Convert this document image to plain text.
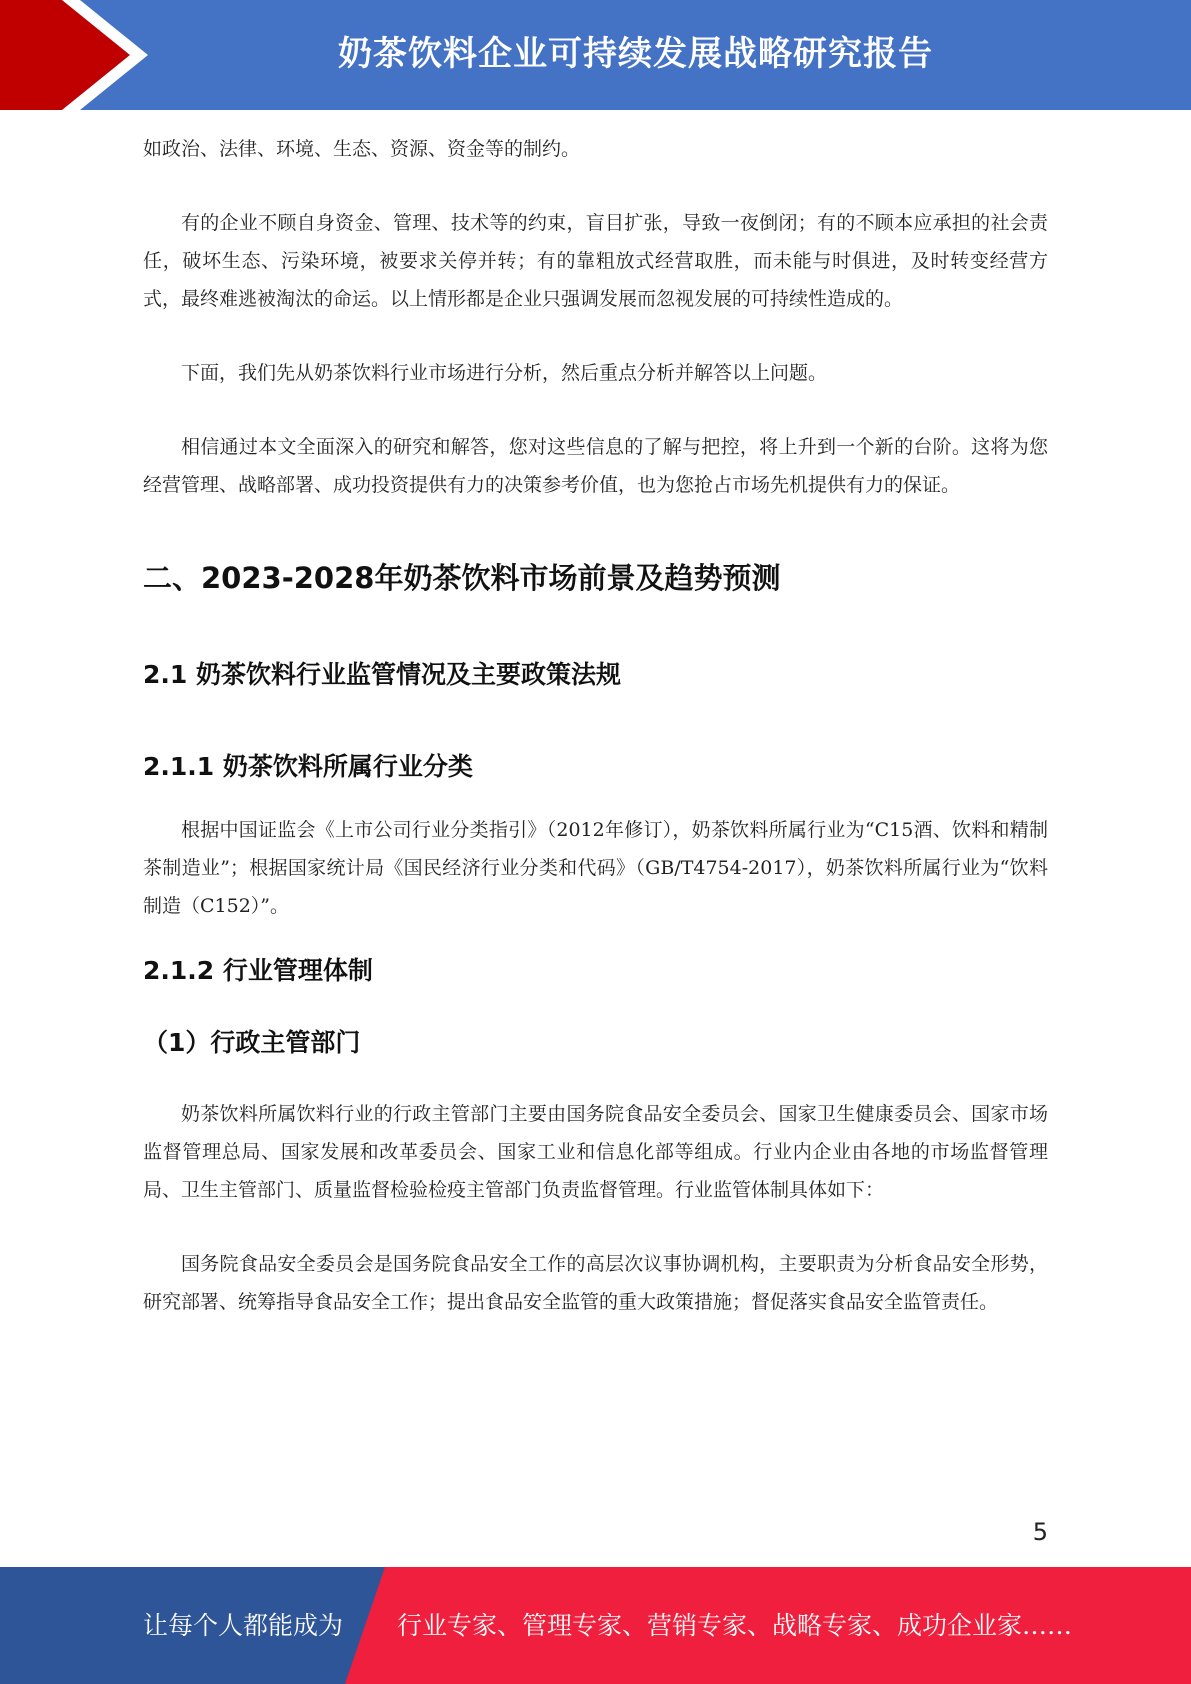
奶茶饮料企业可持续发展战略研究报告

如政治、法律、环境、生态、资源、资金等的制约。

有的企业不顾自身资金、管理、技术等的约束，盲目扩张，导致一夜倒闭；有的不顾本应承担的社会责任，破坏生态、污染环境，被要求关停并转；有的靠粗放式经营取胜，而未能与时俱进，及时转变经营方式，最终难逃被淘汰的命运。以上情形都是企业只强调发展而忽视发展的可持续性造成的。

下面，我们先从奶茶饮料行业市场进行分析，然后重点分析并解答以上问题。

相信通过本文全面深入的研究和解答，您对这些信息的了解与把控，将上升到一个新的台阶。这将为您经营管理、战略部署、成功投资提供有力的决策参考价值，也为您抢占市场先机提供有力的保证。

二、2023-2028年奶茶饮料市场前景及趋势预测
2.1 奶茶饮料行业监管情况及主要政策法规
2.1.1 奶茶饮料所属行业分类

根据中国证监会《上市公司行业分类指引》（2012年修订），奶茶饮料所属行业为“C15酒、饮料和精制茶制造业”；根据国家统计局《国民经济行业分类和代码》（GB/T4754-2017），奶茶饮料所属行业为“饮料制造（C152）”。

2.1.2 行业管理体制
（1）行政主管部门

奶茶饮料所属饮料行业的行政主管部门主要由国务院食品安全委员会、国家卫生健康委员会、国家市场监督管理总局、国家发展和改革委员会、国家工业和信息化部等组成。行业内企业由各地的市场监督管理局、卫生主管部门、质量监督检验检疫主管部门负责监督管理。行业监管体制具体如下：

国务院食品安全委员会是国务院食品安全工作的高层次议事协调机构，主要职责为分析食品安全形势，研究部署、统筹指导食品安全工作；提出食品安全监管的重大政策措施；督促落实食品安全监管责任。

5
让每个人都能成为 行业专家、管理专家、营销专家、战略专家、成功企业家……
